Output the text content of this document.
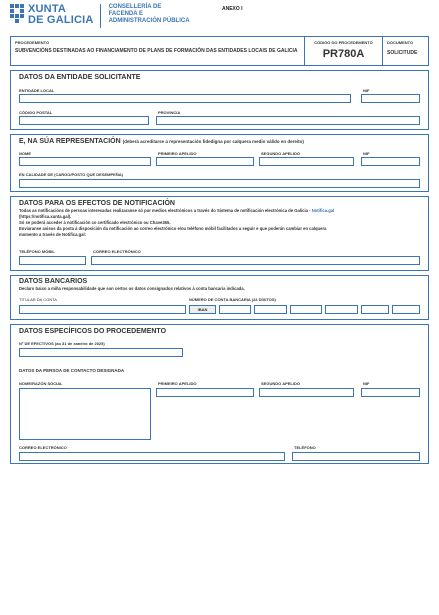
XUNTA
DE GALICIA
CONSELLERÍA DE
FACENDA E
ADMINISTRACIÓN PÚBLICA
ANEXO I
PROCEDEMENTO
SUBVENCIÓNS DESTINADAS AO FINANCIAMENTO DE PLANS DE FORMACIÓN DAS ENTIDADES LOCAIS DE GALICIA
CÓDIGO DO PROCEDEMENTO
PR780A
DOCUMENTO
SOLICITUDE
DATOS DA ENTIDADE SOLICITANTE
ENTIDADE LOCAL	NIF
CÓDIGO POSTAL	PROVINCIA
E, NA SÚA REPRESENTACIÓN (deberá acreditarse a representación fidedigna por calquera medio válido en dereito)
NOME	PRIMEIRO APELIDO	SEGUNDO APELIDO	NIF
EN CALIDADE DE (CARGO/POSTO QUE DESEMPEÑA)
DATOS PARA OS EFECTOS DE NOTIFICACIÓN
Todas as notificacións de persoas interesadas realizaranse só por medios electrónicos a través do Sistema de notificación electrónica de Galicia - Notifica.gal
(https://notifica.xunta.gal).
Só se poderá acceder á notificación co certificado electrónico ou Chave365.
Enviaranse avisos da posta á disposición da notificación ao correo electrónico e/ou teléfono móbil facilitados a seguir e que poderán cambiar en calquera
momento a través de Notifica.gal:
TELÉFONO MÓBIL	CORREO ELECTRÓNICO
DATOS BANCARIOS
Declaro baixo a miña responsabilidade que son certos os datos consignados relativos á conta bancaria indicada.
TITULAR DA CONTA	NÚMERO DE CONTA BANCARIA (24 DÍXITOS)
IBAN
DATOS ESPECÍFICOS DO PROCEDEMENTO
Nº DE EFECTIVOS (ao 31 de xaneiro de 2025)
DATOS DA PERSOA DE CONTACTO DESIGNADA
NOME/RAZÓN SOCIAL	PRIMEIRO APELIDO	SEGUNDO APELIDO	NIF
CORREO ELECTRÓNICO	TELÉFONO
